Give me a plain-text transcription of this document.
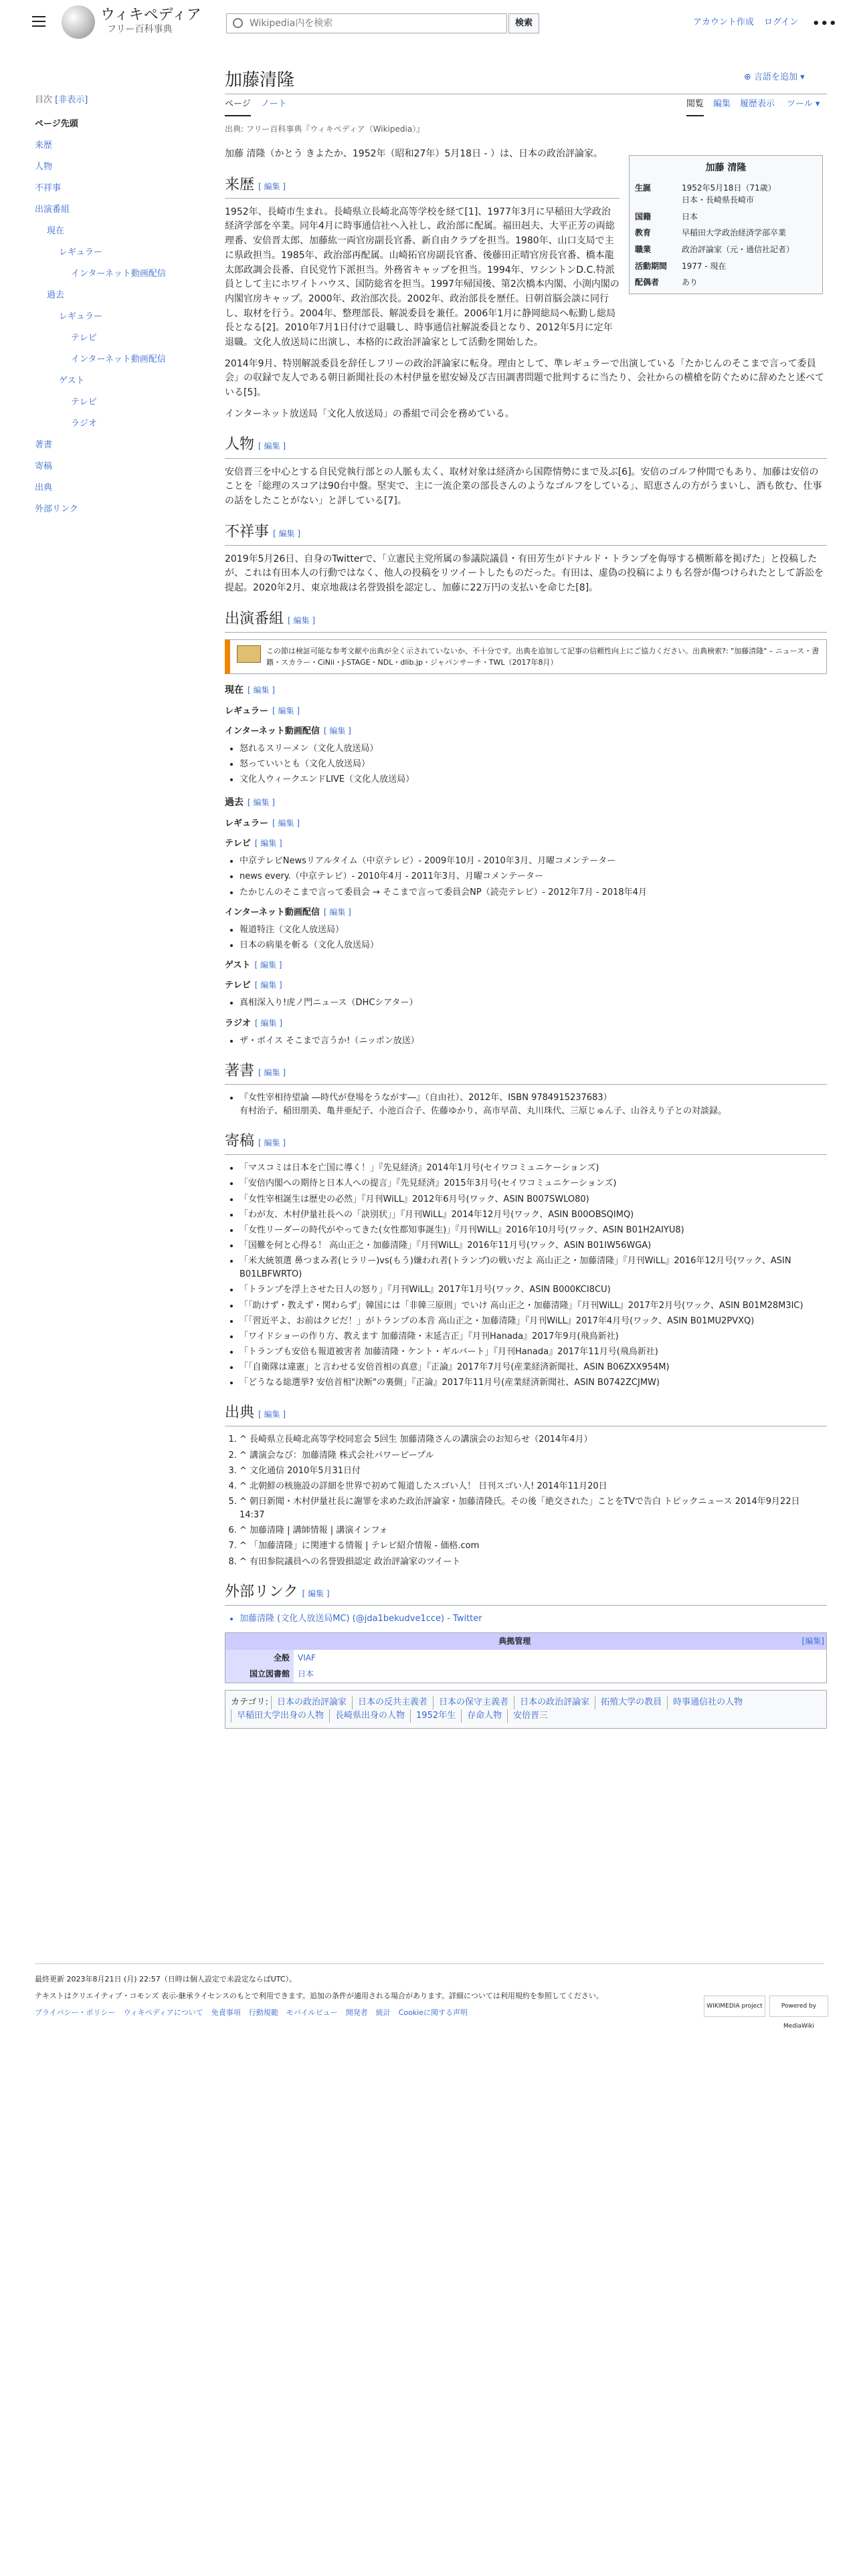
ウィキペディア
フリー百科事典
Wikipedia内を検索	検索	アカウント作成 ログイン •••
目次 [非表示]
ページ先頭
来歴
人物
不祥事
出演番組
現在
レギュラー
インターネット動画配信
過去
レギュラー
テレビ
インターネット動画配信
ゲスト
テレビ
ラジオ
著書
寄稿
出典
外部リンク
加藤清隆	⊕ 言語を追加 ▾
ページ ノート	閲覧 編集 履歴表示 ツール ▾
出典: フリー百科事典『ウィキペディア（Wikipedia）』
加藤 清隆
生誕	1952年5月18日（71歳）
日本・長崎県長崎市
国籍	日本
教育	早稲田大学政治経済学部卒業
職業	政治評論家（元・通信社記者）
活動期間	1977 - 現在
配偶者	あり

加藤 清隆（かとう きよたか、1952年（昭和27年）5月18日 - ）は、日本の政治評論家。

来歴 [ 編集 ]

1952年、長崎市生まれ。長崎県立長崎北高等学校を経て[1]、1977年3月に早稲田大学政治経済学部を卒業。同年4月に時事通信社へ入社し、政治部に配属。福田赳夫、大平正芳の両総理番、安倍晋太郎、加藤紘一両官房副長官番、新自由クラブを担当。1980年、山口支局で主に県政担当。1985年、政治部再配属。山崎拓官房副長官番、後藤田正晴官房長官番、橋本龍太郎政調会長番、自民党竹下派担当。外務省キャップを担当。1994年、ワシントンD.C.特派員として主にホワイトハウス、国防総省を担当。1997年帰国後、第2次橋本内閣、小渕内閣の内閣官房キャップ。2000年、政治部次長。2002年、政治部長を歴任。日朝首脳会談に同行し、取材を行う。2004年、整理部長、解説委員を兼任。2006年1月に静岡総局へ転勤し総局長となる[2]。2010年7月1日付けで退職し、時事通信社解説委員となり、2012年5月に定年退職。文化人放送局に出演し、本格的に政治評論家として活動を開始した。

2014年9月、特別解説委員を辞任しフリーの政治評論家に転身。理由として、準レギュラーで出演している「たかじんのそこまで言って委員会」の収録で友人である朝日新聞社長の木村伊量を慰安婦及び吉田調書問題で批判するに当たり、会社からの横槍を防ぐために辞めたと述べている[5]。

インターネット放送局「文化人放送局」の番組で司会を務めている。

人物 [ 編集 ]

安倍晋三を中心とする自民党執行部との人脈も太く、取材対象は経済から国際情勢にまで及ぶ[6]。安倍のゴルフ仲間でもあり、加藤は安倍のことを「総理のスコアは90台中盤。堅実で、主に一流企業の部長さんのようなゴルフをしている」、昭恵さんの方がうまいし、酒も飲む、仕事の話をしたことがない」と評している[7]。

不祥事 [ 編集 ]

2019年5月26日、自身のTwitterで、「立憲民主党所属の参議院議員・有田芳生がドナルド・トランプを侮辱する横断幕を掲げた」と投稿したが、これは有田本人の行動ではなく、他人の投稿をリツイートしたものだった。有田は、虚偽の投稿によりも名誉が傷つけられたとして訴訟を提起。2020年2月、東京地裁は名誉毀損を認定し、加藤に22万円の支払いを命じた[8]。

出演番組 [ 編集 ]
この節は検証可能な参考文献や出典が全く示されていないか、不十分です。出典を追加して記事の信頼性向上にご協力ください。出典検索?: "加藤清隆" – ニュース・書籍・スカラー・CiNii・J-STAGE・NDL・dlib.jp・ジャパンサーチ・TWL（2017年8月）
現在 [ 編集 ]
レギュラー [ 編集 ]
インターネット動画配信 [ 編集 ]
• 怒れるスリーメン（文化人放送局）
• 怒っていいとも（文化人放送局）
• 文化人ウィークエンドLIVE（文化人放送局）
過去 [ 編集 ]
レギュラー [ 編集 ]
テレビ [ 編集 ]
• 中京テレビNewsリアルタイム（中京テレビ）- 2009年10月 - 2010年3月、月曜コメンテーター
• news every.（中京テレビ）- 2010年4月 - 2011年3月、月曜コメンテーター
• たかじんのそこまで言って委員会 → そこまで言って委員会NP（読売テレビ）- 2012年7月 - 2018年4月
インターネット動画配信 [ 編集 ]
• 報道特注（文化人放送局）
• 日本の病巣を斬る（文化人放送局）
ゲスト [ 編集 ]
テレビ [ 編集 ]
• 真相深入り!虎ノ門ニュース（DHCシアター）
ラジオ [ 編集 ]
• ザ・ボイス そこまで言うか!（ニッポン放送）
著書 [ 編集 ]
• 『女性宰相待望論 ―時代が登場をうながす―』（自由社）、2012年、ISBN 9784915237683）
有村治子、稲田朋美、亀井亜紀子、小池百合子、佐藤ゆかり、高市早苗、丸川珠代、三原じゅん子、山谷えり子との対談録。
寄稿 [ 編集 ]
• 「マスコミは日本を亡国に導く！」『先見経済』2014年1月号(セイワコミュニケーションズ)
• 「安倍内閣への期待と日本人への提言」『先見経済』2015年3月号(セイワコミュニケーションズ)
• 「女性宰相誕生は歴史の必然」『月刊WiLL』2012年6月号(ワック、ASIN B007SWLO80)
• 「わが友、木村伊量社長への「訣別状」」『月刊WiLL』2014年12月号(ワック、ASIN B00OBSQIMQ)
• 「女性リーダーの時代がやってきた(女性都知事誕生)」『月刊WiLL』2016年10月号(ワック、ASIN B01H2AIYU8)
• 「国難を何と心得る！ 高山正之・加藤清隆」『月刊WiLL』2016年11月号(ワック、ASIN B01IW56WGA)
• 「米大統領選 鼻つまみ者(ヒラリー)vs(もう)嫌われ者(トランプ)の戦いだよ 高山正之・加藤清隆」『月刊WiLL』2016年12月号(ワック、ASIN B01LBFWRTO)
• 「トランプを浮上させた日人の怒り」『月刊WiLL』2017年1月号(ワック、ASIN B000KCI8CU)
• 「「助けず・教えず・関わらず」韓国には「非韓三原則」でいけ 高山正之・加藤清隆」『月刊WiLL』2017年2月号(ワック、ASIN B01M28M3IC)
• 「「習近平よ、お前はクビだ！」がトランプの本音 高山正之・加藤清隆」『月刊WiLL』2017年4月号(ワック、ASIN B01MU2PVXQ)
• 「ワイドショーの作り方、教えます 加藤清隆・末延吉正」『月刊Hanada』2017年9月(飛鳥新社)
• 「トランプも安倍も報道被害者 加藤清隆・ケント・ギルバート」『月刊Hanada』2017年11月号(飛鳥新社)
• 「「自衛隊は違憲」と言わせる安倍首相の真意」『正論』2017年7月号(産業経済新聞社、ASIN B06ZXX954M)
• 「どうなる総選挙? 安倍首相"決断"の裏側」『正論』2017年11月号(産業経済新聞社、ASIN B0742ZCJMW)
出典 [ 編集 ]
1. ^ 長崎県立長崎北高等学校同窓会 5回生 加藤清隆さんの講演会のお知らせ（2014年4月）
2. ^ 講演会なび：加藤清隆 株式会社パワーピープル
3. ^ 文化通信 2010年5月31日付
4. ^ 北朝鮮の核施設の詳細を世界で初めて報道したスゴい人！ 日刊スゴい人! 2014年11月20日
5. ^ 朝日新聞・木村伊量社長に謝罪を求めた政治評論家・加藤清隆氏。その後「絶交された」ことをTVで告白 トピックニュース 2014年9月22日 14:37
6. ^ 加藤清隆 | 講師情報 | 講演インフォ
7. ^ 「加藤清隆」に関連する情報 | テレビ紹介情報 - 価格.com
8. ^ 有田参院議員への名誉毀損認定 政治評論家のツイート
外部リンク [ 編集 ]
• 加藤清隆 (文化人放送局MC) (@jda1bekudve1cce) - Twitter
典拠管理	[編集]
全般	VIAF
国立図書館	日本
カテゴリ: 日本の政治評論家 日本の反共主義者 日本の保守主義者 日本の政治評論家 拓殖大学の教員 時事通信社の人物早稲田大学出身の人物 長崎県出身の人物 1952年生 存命人物 安倍晋三

最終更新 2023年8月21日 (月) 22:57（日時は個人設定で未設定ならばUTC）。

テキストはクリエイティブ・コモンズ 表示-継承ライセンスのもとで利用できます。追加の条件が適用される場合があります。詳細については利用規約を参照してください。

プライバシー・ポリシー ウィキペディアについて 免責事項 行動規範 モバイルビュー 開発者 統計 Cookieに関する声明

WIKIMEDIA project	Powered by MediaWiki
